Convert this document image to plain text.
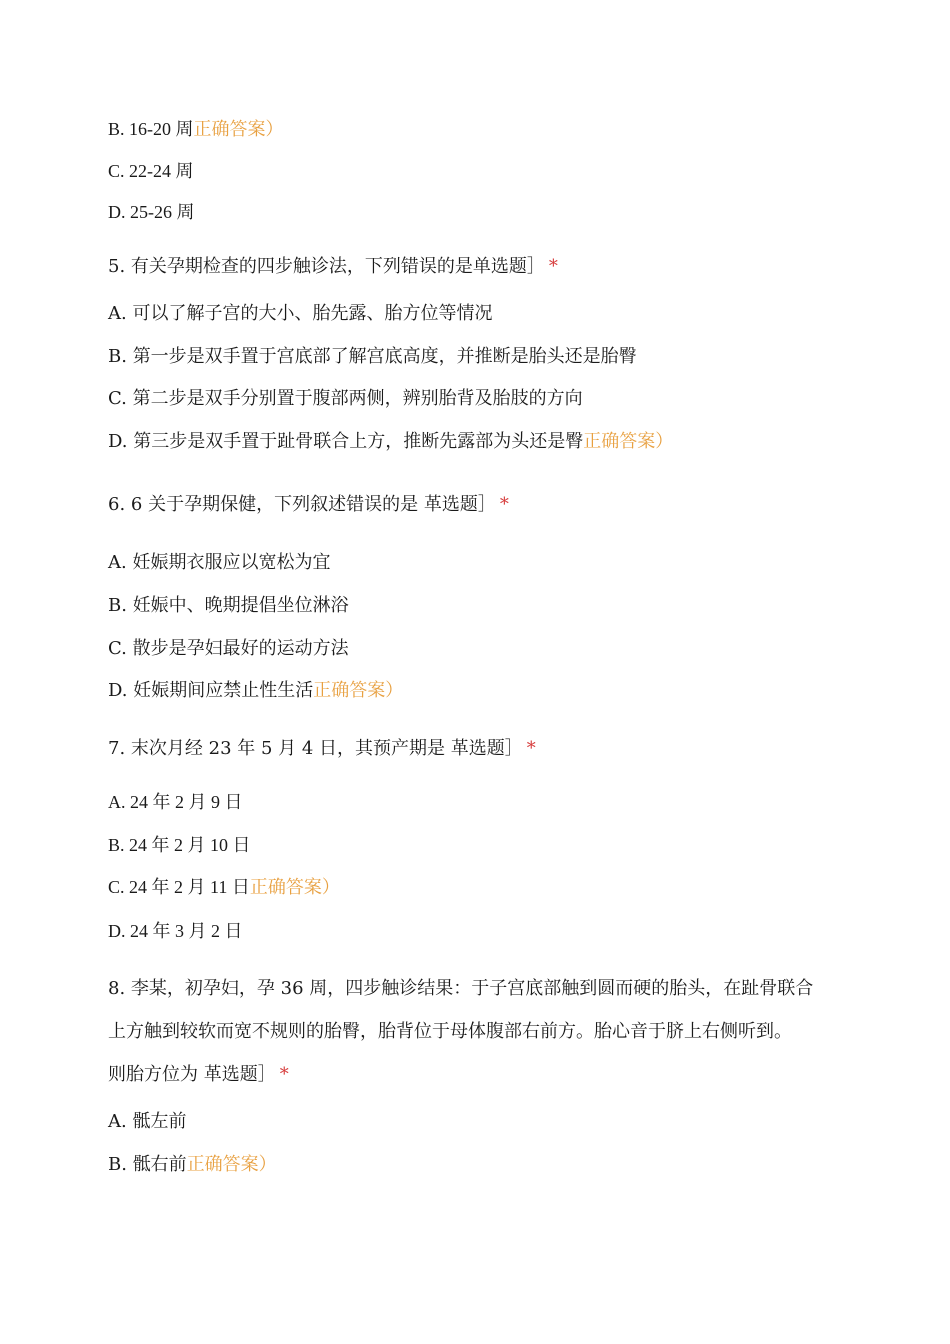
B. 16-20 周正确答案）
C. 22-24 周
D. 25-26 周
5. 有关孕期检查的四步触诊法，下列错误的是单选题］ *
A. 可以了解子宫的大小、胎先露、胎方位等情况
B. 第一步是双手置于宫底部了解宫底高度，并推断是胎头还是胎臀
C. 第二步是双手分别置于腹部两侧，辨别胎背及胎肢的方向
D. 第三步是双手置于趾骨联合上方，推断先露部为头还是臀正确答案）
6. 6 关于孕期保健，下列叙述错误的是 革选题］ *
A. 妊娠期衣服应以宽松为宜
B. 妊娠中、晚期提倡坐位淋浴
C. 散步是孕妇最好的运动方法
D. 妊娠期间应禁止性生活正确答案）
7. 末次月经 23 年 5 月 4 日，其预产期是 革选题］ *
A. 24 年 2 月 9 日
B. 24 年 2 月 10 日
C. 24 年 2 月 11 日正确答案）
D. 24 年 3 月 2 日
8. 李某，初孕妇，孕 36 周，四步触诊结果：于子宫底部触到圆而硬的胎头，在趾骨联合
上方触到较软而宽不规则的胎臀，胎背位于母体腹部右前方。胎心音于脐上右侧听到。
则胎方位为 革选题］ *
A. 骶左前
B. 骶右前正确答案）
